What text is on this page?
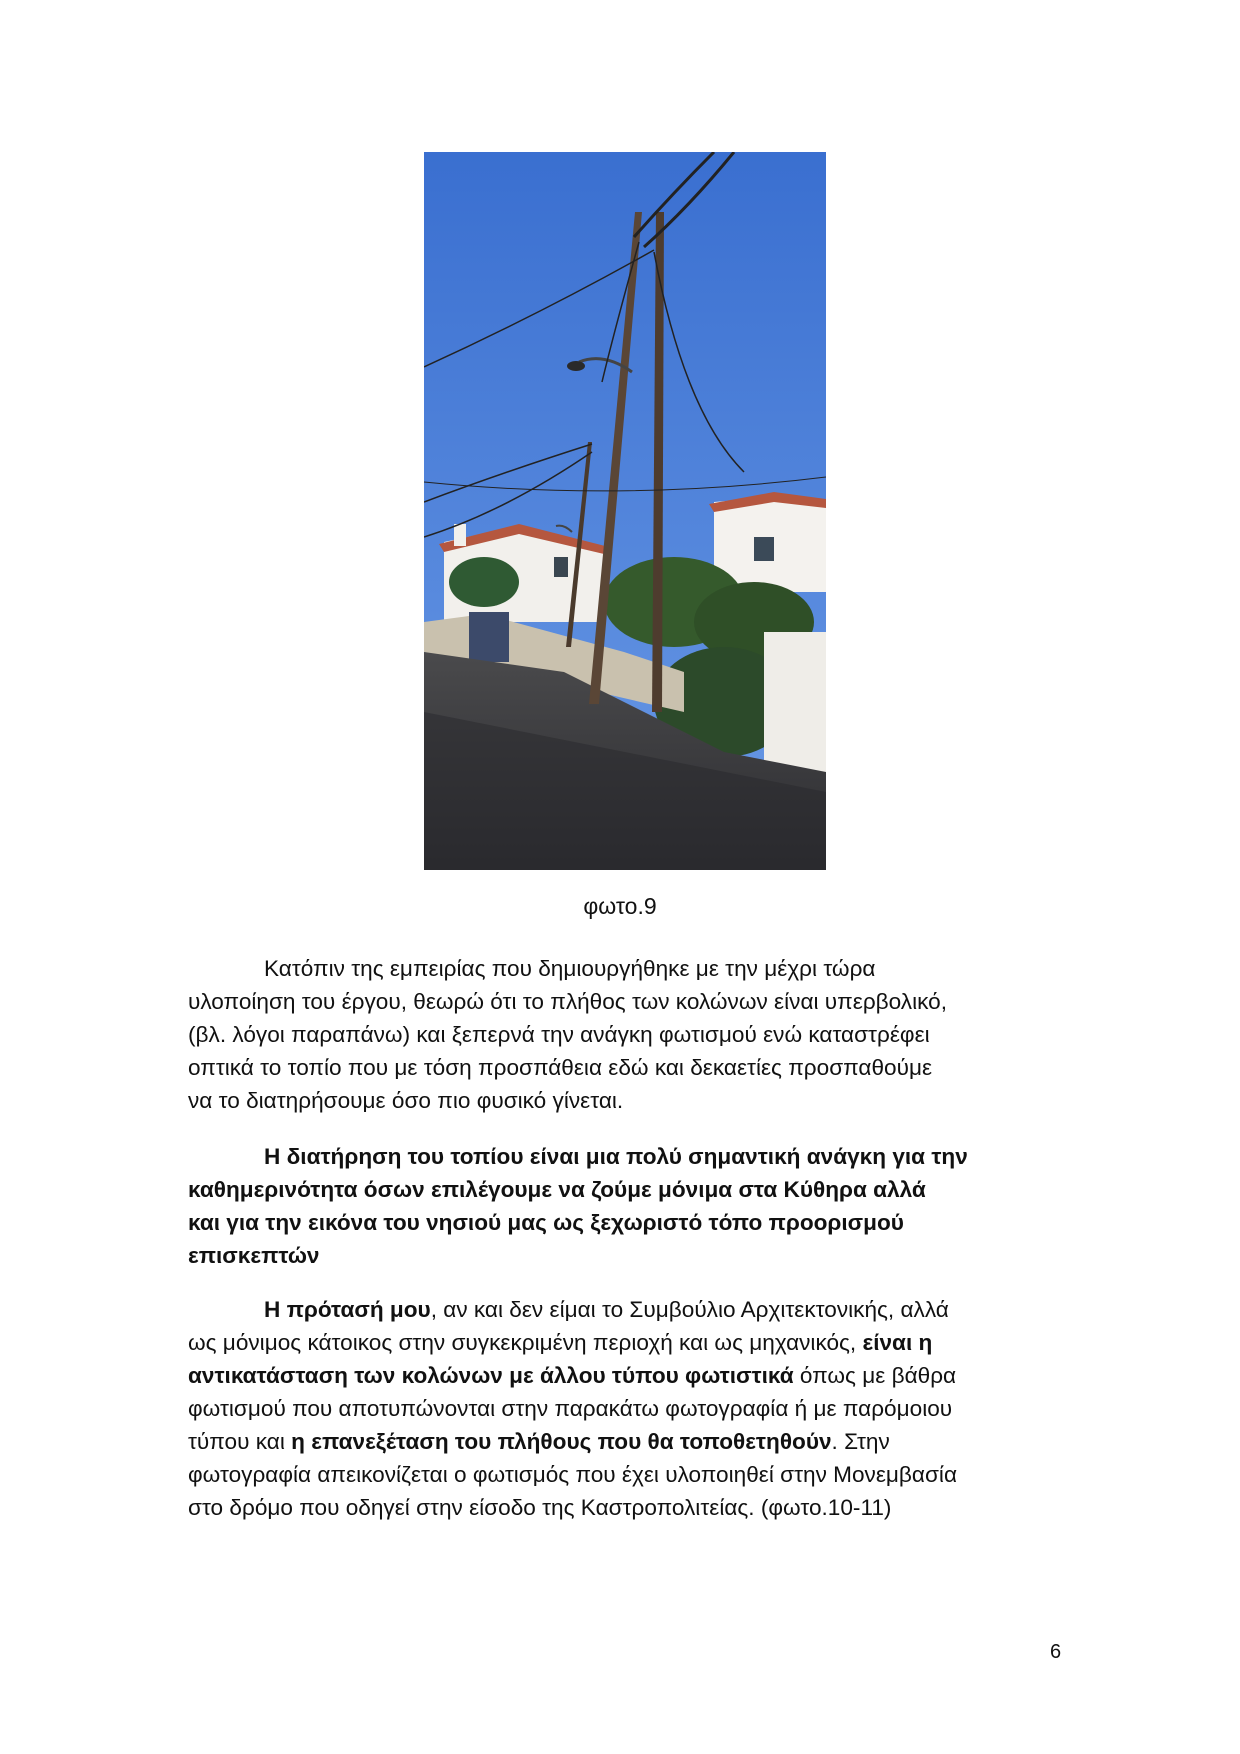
φωτο.9

Κατόπιν της εμπειρίας που δημιουργήθηκε με την μέχρι τώρα
υλοποίηση του έργου, θεωρώ ότι το πλήθος των κολώνων είναι υπερβολικό,
(βλ. λόγοι παραπάνω) και ξεπερνά την ανάγκη φωτισμού ενώ καταστρέφει
οπτικά το τοπίο που με τόση προσπάθεια εδώ και δεκαετίες προσπαθούμε
να το διατηρήσουμε όσο πιο φυσικό γίνεται.

Η διατήρηση του τοπίου είναι μια πολύ σημαντική ανάγκη για την
καθημερινότητα όσων επιλέγουμε να ζούμε μόνιμα στα Κύθηρα αλλά
και για την εικόνα του νησιού μας ως ξεχωριστό τόπο προορισμού
επισκεπτών

Η πρότασή μου, αν και δεν είμαι το Συμβούλιο Αρχιτεκτονικής, αλλά
ως μόνιμος κάτοικος στην συγκεκριμένη περιοχή και ως μηχανικός, είναι η
αντικατάσταση των κολώνων με άλλου τύπου φωτιστικά όπως με βάθρα
φωτισμού που αποτυπώνονται στην παρακάτω φωτογραφία ή με παρόμοιου
τύπου και η επανεξέταση του πλήθους που θα τοποθετηθούν. Στην
φωτογραφία απεικονίζεται ο φωτισμός που έχει υλοποιηθεί στην Μονεμβασία
στο δρόμο που οδηγεί στην είσοδο της Καστροπολιτείας. (φωτο.10-11)

6
